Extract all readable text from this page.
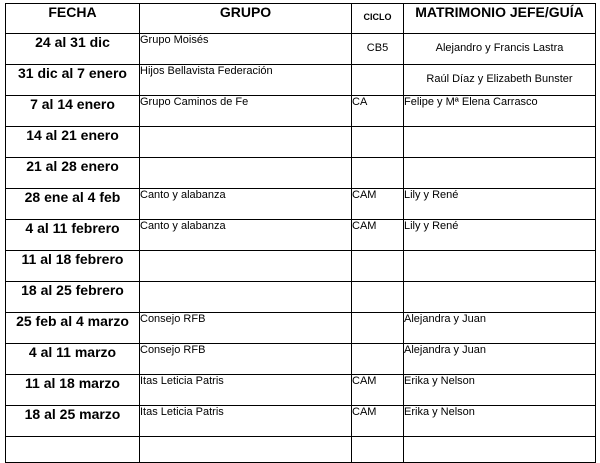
FECHA	GRUPO	CICLO	MATRIMONIO JEFE/GUÍA
24 al 31 dic	Grupo Moisés	CB5	Alejandro y Francis Lastra
31 dic al 7 enero	Hijos Bellavista Federación		Raúl Díaz y Elizabeth Bunster
7 al 14 enero	Grupo Caminos de Fe	CA	Felipe y Mª Elena Carrasco
14 al 21 enero			
21 al 28 enero			
28 ene al 4 feb	Canto y alabanza	CAM	Lily y René
4 al 11 febrero	Canto y alabanza	CAM	Lily y René
11 al 18 febrero			
18 al 25 febrero			
25 feb al 4 marzo	Consejo RFB		Alejandra y Juan
4 al 11 marzo	Consejo RFB		Alejandra y Juan
11 al 18 marzo	Itas Leticia Patris	CAM	Erika y Nelson
18 al 25 marzo	Itas Leticia Patris	CAM	Erika y Nelson
